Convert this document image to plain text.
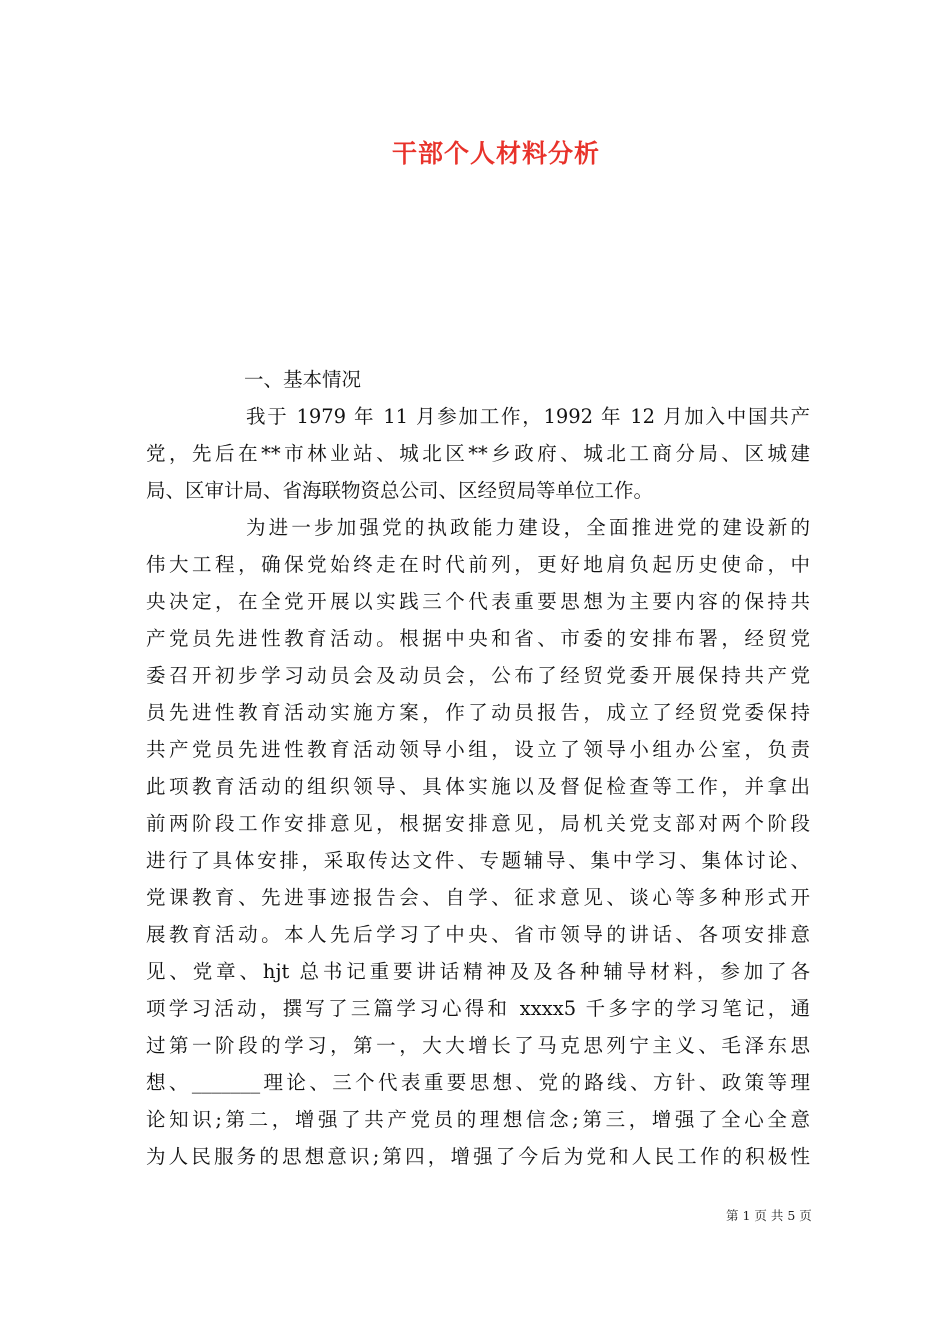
干部个人材料分析
一、基本情况

我于 1979 年 11 月参加工作，1992 年 12 月加入中国共产
党，先后在**市林业站、城北区**乡政府、城北工商分局、区城建
局、区审计局、省海联物资总公司、区经贸局等单位工作。

为进一步加强党的执政能力建设，全面推进党的建设新的
伟大工程，确保党始终走在时代前列，更好地肩负起历史使命，中
央决定，在全党开展以实践三个代表重要思想为主要内容的保持共
产党员先进性教育活动。根据中央和省、市委的安排布署，经贸党
委召开初步学习动员会及动员会，公布了经贸党委开展保持共产党
员先进性教育活动实施方案，作了动员报告，成立了经贸党委保持
共产党员先进性教育活动领导小组，设立了领导小组办公室，负责
此项教育活动的组织领导、具体实施以及督促检查等工作，并拿出
前两阶段工作安排意见，根据安排意见，局机关党支部对两个阶段
进行了具体安排，采取传达文件、专题辅导、集中学习、集体讨论、
党课教育、先进事迹报告会、自学、征求意见、谈心等多种形式开
展教育活动。本人先后学习了中央、省市领导的讲话、各项安排意
见、党章、hjt 总书记重要讲话精神及及各种辅导材料，参加了各
项学习活动，撰写了三篇学习心得和 xxxx5 千多字的学习笔记，通
过第一阶段的学习，第一，大大增长了马克思列宁主义、毛泽东思
想、_______理论、三个代表重要思想、党的路线、方针、政策等理
论知识;第二，增强了共产党员的理想信念;第三，增强了全心全意
为人民服务的思想意识;第四，增强了今后为党和人民工作的积极性

第 1 页 共 5 页
